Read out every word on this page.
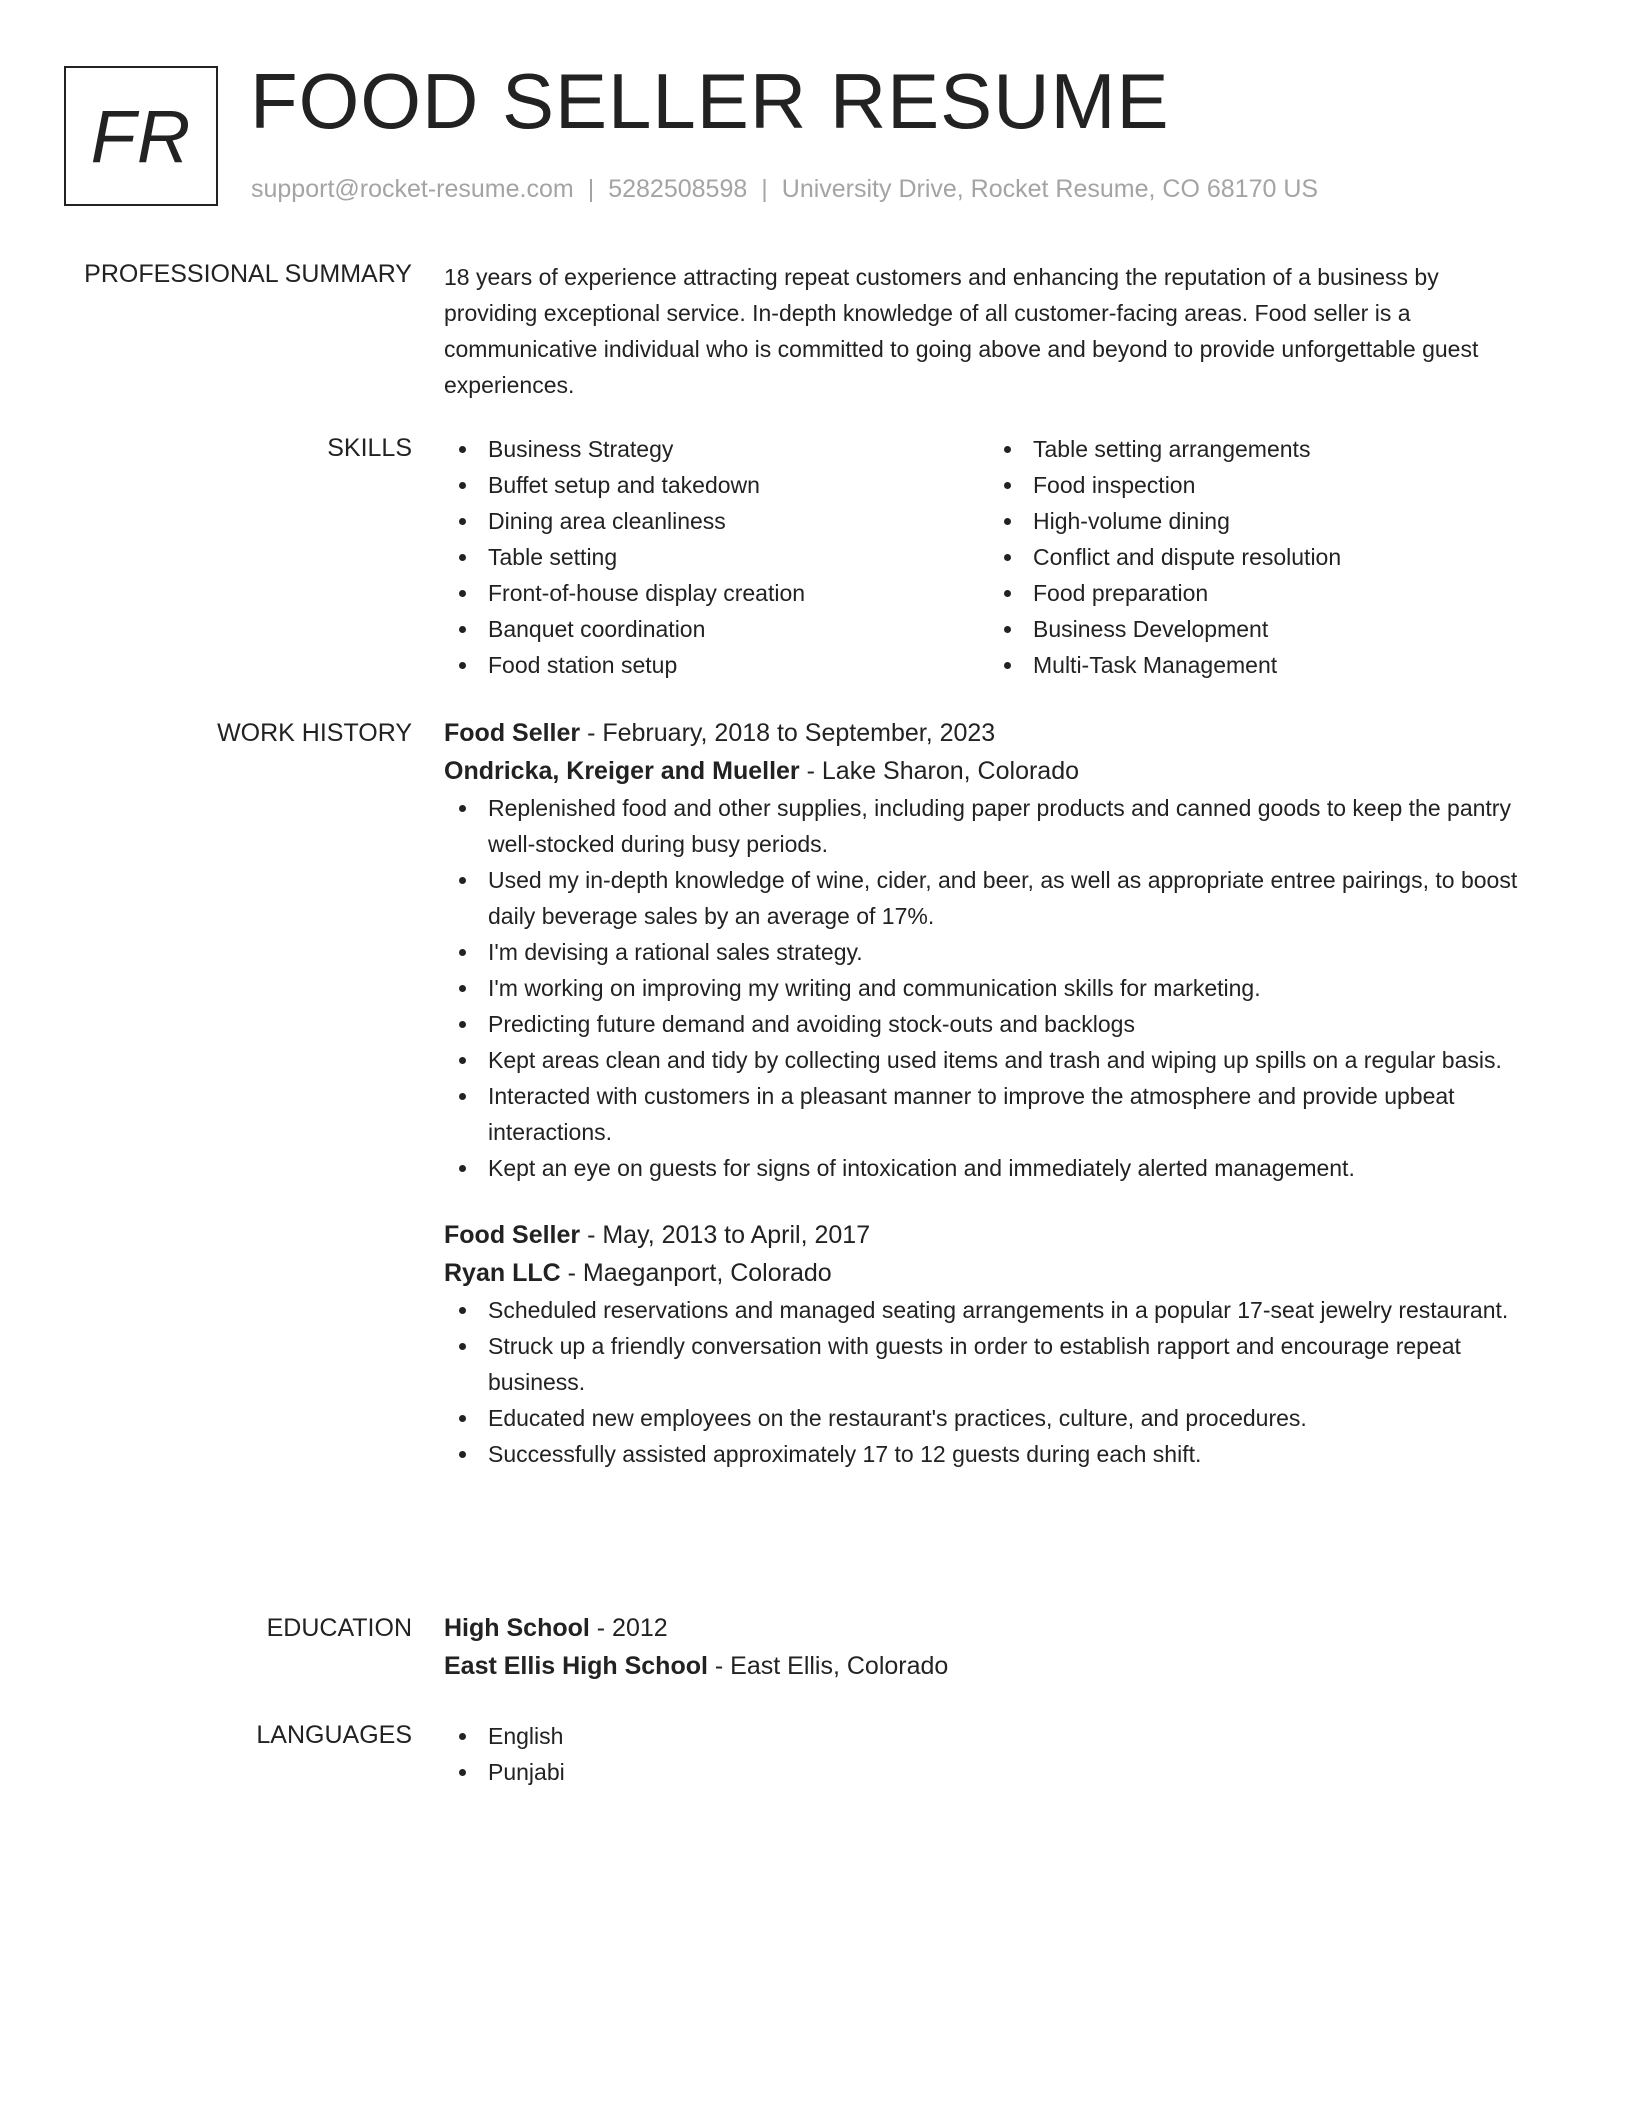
FR FOOD SELLER RESUME
support@rocket-resume.com | 5282508598 | University Drive, Rocket Resume, CO 68170 US
PROFESSIONAL SUMMARY 18 years of experience attracting repeat customers and enhancing the reputation of a business by providing exceptional service. In-depth knowledge of all customer-facing areas. Food seller is a communicative individual who is committed to going above and beyond to provide unforgettable guest experiences.

SKILLS	Business Strategy
Buffet setup and takedown
Dining area cleanliness
Table setting
Front-of-house display creation
Banquet coordination
Food station setup
Table setting arrangements
Food inspection
High-volume dining
Conflict and dispute resolution
Food preparation
Business Development
Multi-Task Management
WORK HISTORY Food Seller - February, 2018 to September, 2023
Ondricka, Kreiger and Mueller - Lake Sharon, Colorado
Replenished food and other supplies, including paper products and canned goods to keep the pantry well-stocked during busy periods.
Used my in-depth knowledge of wine, cider, and beer, as well as appropriate entree pairings, to boost daily beverage sales by an average of 17%.
I'm devising a rational sales strategy.
I'm working on improving my writing and communication skills for marketing.
Predicting future demand and avoiding stock-outs and backlogs
Kept areas clean and tidy by collecting used items and trash and wiping up spills on a regular basis.
Interacted with customers in a pleasant manner to improve the atmosphere and provide upbeat interactions.
Kept an eye on guests for signs of intoxication and immediately alerted management.
Food Seller - May, 2013 to April, 2017
Ryan LLC - Maeganport, Colorado
Scheduled reservations and managed seating arrangements in a popular 17-seat jewelry restaurant.
Struck up a friendly conversation with guests in order to establish rapport and encourage repeat business.
Educated new employees on the restaurant's practices, culture, and procedures.
Successfully assisted approximately 17 to 12 guests during each shift.
EDUCATION High School - 2012
East Ellis High School - East Ellis, Colorado
LANGUAGES	English
Punjabi
